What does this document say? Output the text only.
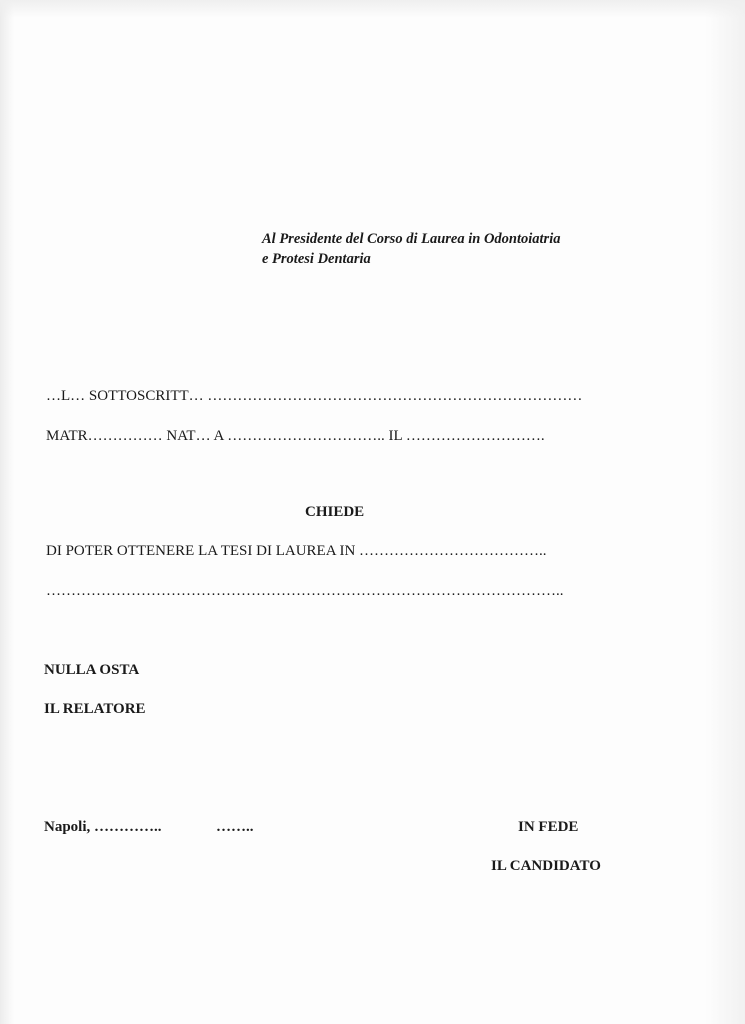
Al Presidente del Corso di Laurea in Odontoiatria
e Protesi Dentaria
…L… SOTTOSCRITT… …………………………………………………………………
MATR…………… NAT… A ………………………….. IL ……………………….
CHIEDE
DI POTER OTTENERE LA TESI DI LAUREA IN ………………………………..
…………………………………………………………………………………………..
NULLA OSTA
IL RELATORE
Napoli, …………..	……..	IN FEDE
IL CANDIDATO
